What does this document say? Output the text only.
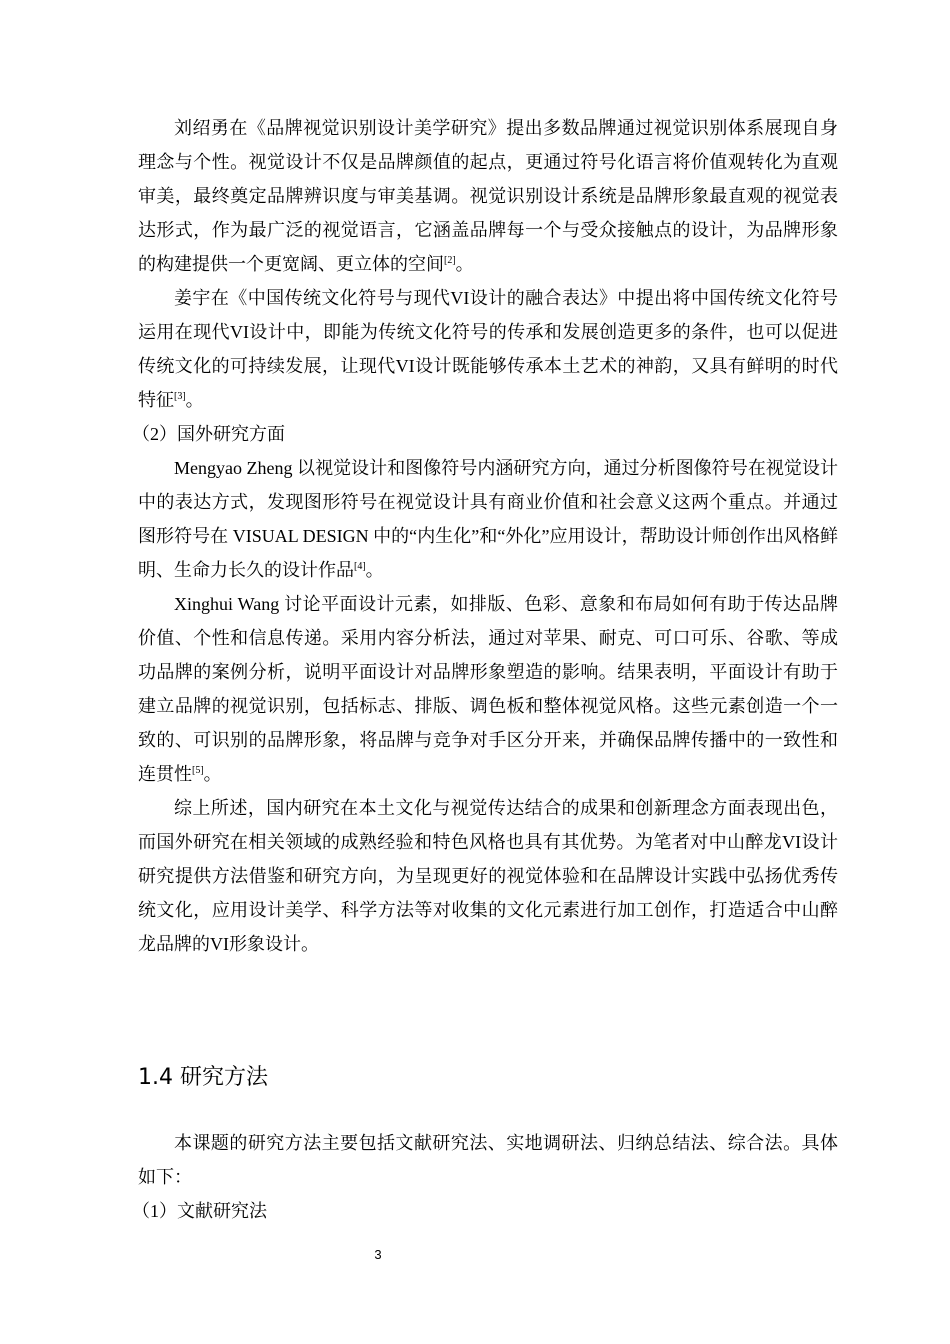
刘绍勇在《品牌视觉识别设计美学研究》提出多数品牌通过视觉识别体系展现自身理念与个性。视觉设计不仅是品牌颜值的起点，更通过符号化语言将价值观转化为直观审美，最终奠定品牌辨识度与审美基调。视觉识别设计系统是品牌形象最直观的视觉表达形式，作为最广泛的视觉语言，它涵盖品牌每一个与受众接触点的设计，为品牌形象的构建提供一个更宽阔、更立体的空间[2]。

姜宇在《中国传统文化符号与现代VI设计的融合表达》中提出将中国传统文化符号运用在现代VI设计中，即能为传统文化符号的传承和发展创造更多的条件，也可以促进传统文化的可持续发展，让现代VI设计既能够传承本土艺术的神韵，又具有鲜明的时代特征[3]。

（2）国外研究方面

Mengyao Zheng 以视觉设计和图像符号内涵研究方向，通过分析图像符号在视觉设计中的表达方式，发现图形符号在视觉设计具有商业价值和社会意义这两个重点。并通过图形符号在 VISUAL DESIGN 中的“内生化”和“外化”应用设计，帮助设计师创作出风格鲜明、生命力长久的设计作品[4]。

Xinghui Wang 讨论平面设计元素，如排版、色彩、意象和布局如何有助于传达品牌价值、个性和信息传递。采用内容分析法，通过对苹果、耐克、可口可乐、谷歌、等成功品牌的案例分析，说明平面设计对品牌形象塑造的影响。结果表明，平面设计有助于建立品牌的视觉识别，包括标志、排版、调色板和整体视觉风格。这些元素创造一个一致的、可识别的品牌形象，将品牌与竞争对手区分开来，并确保品牌传播中的一致性和连贯性[5]。

综上所述，国内研究在本土文化与视觉传达结合的成果和创新理念方面表现出色，而国外研究在相关领域的成熟经验和特色风格也具有其优势。为笔者对中山醉龙VI设计研究提供方法借鉴和研究方向，为呈现更好的视觉体验和在品牌设计实践中弘扬优秀传统文化，应用设计美学、科学方法等对收集的文化元素进行加工创作，打造适合中山醉龙品牌的VI形象设计。

1.4 研究方法

本课题的研究方法主要包括文献研究法、实地调研法、归纳总结法、综合法。具体如下：

（1）文献研究法

3
